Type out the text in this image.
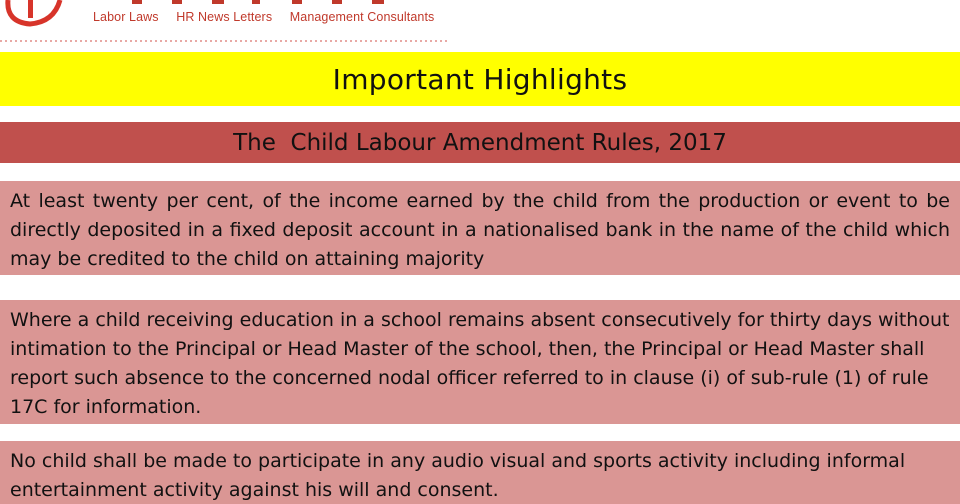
Labor Laws HR News Letters Management Consultants
Important Highlights
The  Child Labour Amendment Rules, 2017

At least twenty per cent, of the income earned by the child from the production or event to be directly deposited in a fixed deposit account in a nationalised bank in the name of the child which may be credited to the child on attaining majority

Where a child receiving education in a school remains absent consecutively for thirty days without intimation to the Principal or Head Master of the school, then, the Principal or Head Master shall report such absence to the concerned nodal officer referred to in clause (i) of sub-rule (1) of rule 17C for information.

No child shall be made to participate in any audio visual and sports activity including informal entertainment activity against his will and consent.
